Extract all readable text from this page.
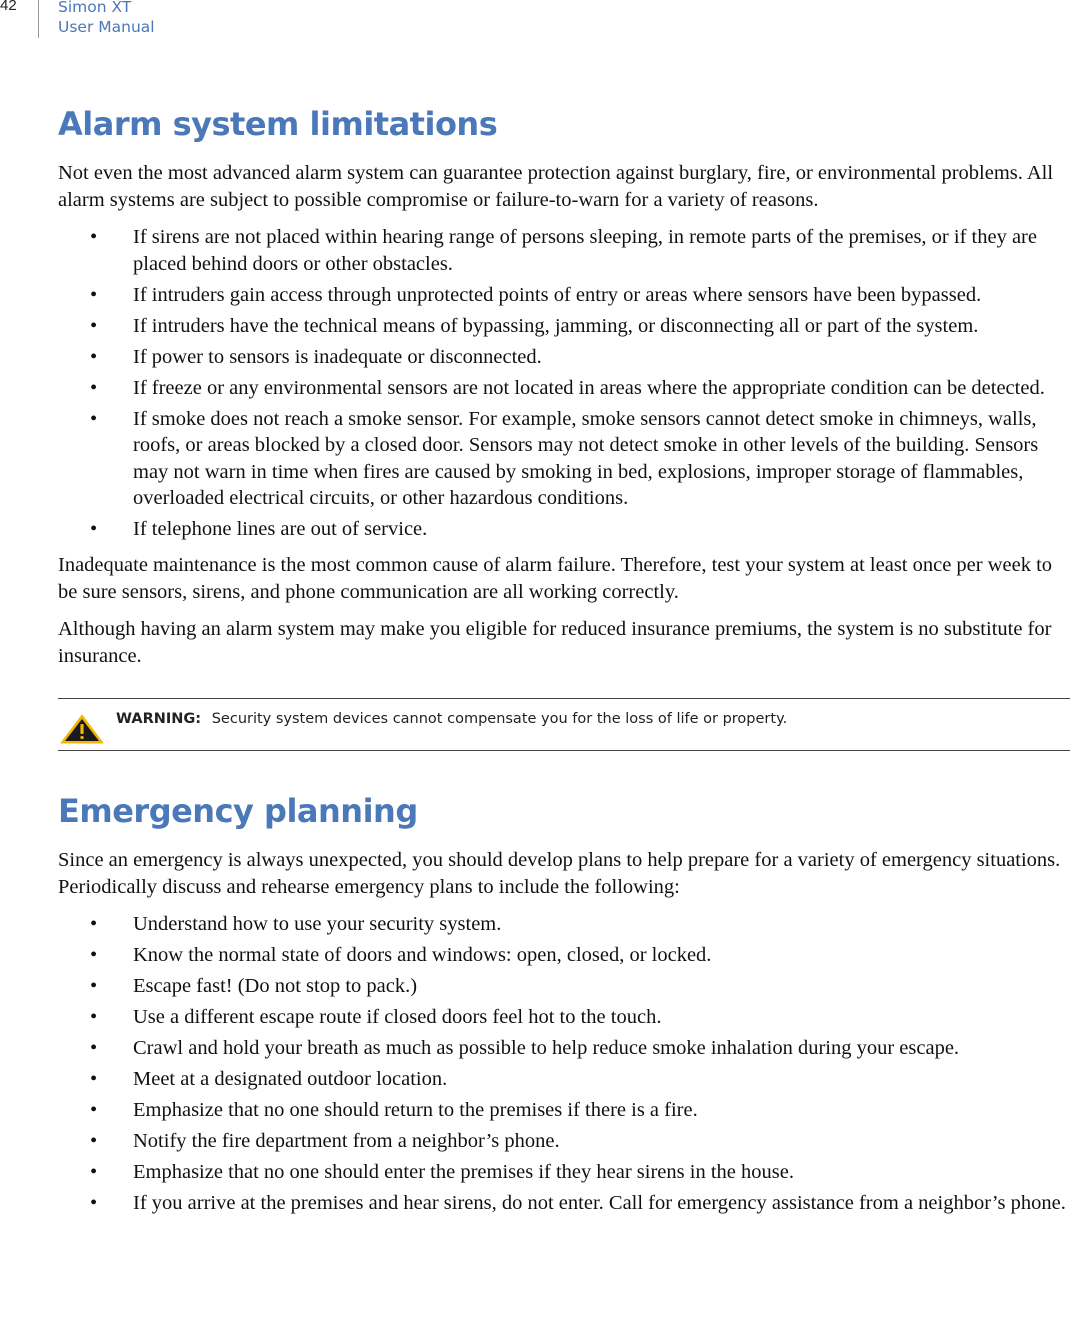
42	Simon XT
User Manual
Alarm system limitations

Not even the most advanced alarm system can guarantee protection against burglary, fire, or environmental problems. All alarm systems are subject to possible compromise or failure-to-warn for a variety of reasons.

• If sirens are not placed within hearing range of persons sleeping, in remote parts of the premises, or if they are placed behind doors or other obstacles.
• If intruders gain access through unprotected points of entry or areas where sensors have been bypassed.
• If intruders have the technical means of bypassing, jamming, or disconnecting all or part of the system.
• If power to sensors is inadequate or disconnected.
• If freeze or any environmental sensors are not located in areas where the appropriate condition can be detected.
• If smoke does not reach a smoke sensor. For example, smoke sensors cannot detect smoke in chimneys, walls, roofs, or areas blocked by a closed door. Sensors may not detect smoke in other levels of the building. Sensors may not warn in time when fires are caused by smoking in bed, explosions, improper storage of flammables, overloaded electrical circuits, or other hazardous conditions.
• If telephone lines are out of service.

Inadequate maintenance is the most common cause of alarm failure. Therefore, test your system at least once per week to be sure sensors, sirens, and phone communication are all working correctly.

Although having an alarm system may make you eligible for reduced insurance premiums, the system is no substitute for insurance.

WARNING: Security system devices cannot compensate you for the loss of life or property.
Emergency planning

Since an emergency is always unexpected, you should develop plans to help prepare for a variety of emergency situations. Periodically discuss and rehearse emergency plans to include the following:

• Understand how to use your security system.
• Know the normal state of doors and windows: open, closed, or locked.
• Escape fast! (Do not stop to pack.)
• Use a different escape route if closed doors feel hot to the touch.
• Crawl and hold your breath as much as possible to help reduce smoke inhalation during your escape.
• Meet at a designated outdoor location.
• Emphasize that no one should return to the premises if there is a fire.
• Notify the fire department from a neighbor’s phone.
• Emphasize that no one should enter the premises if they hear sirens in the house.
• If you arrive at the premises and hear sirens, do not enter. Call for emergency assistance from a neighbor’s phone.
